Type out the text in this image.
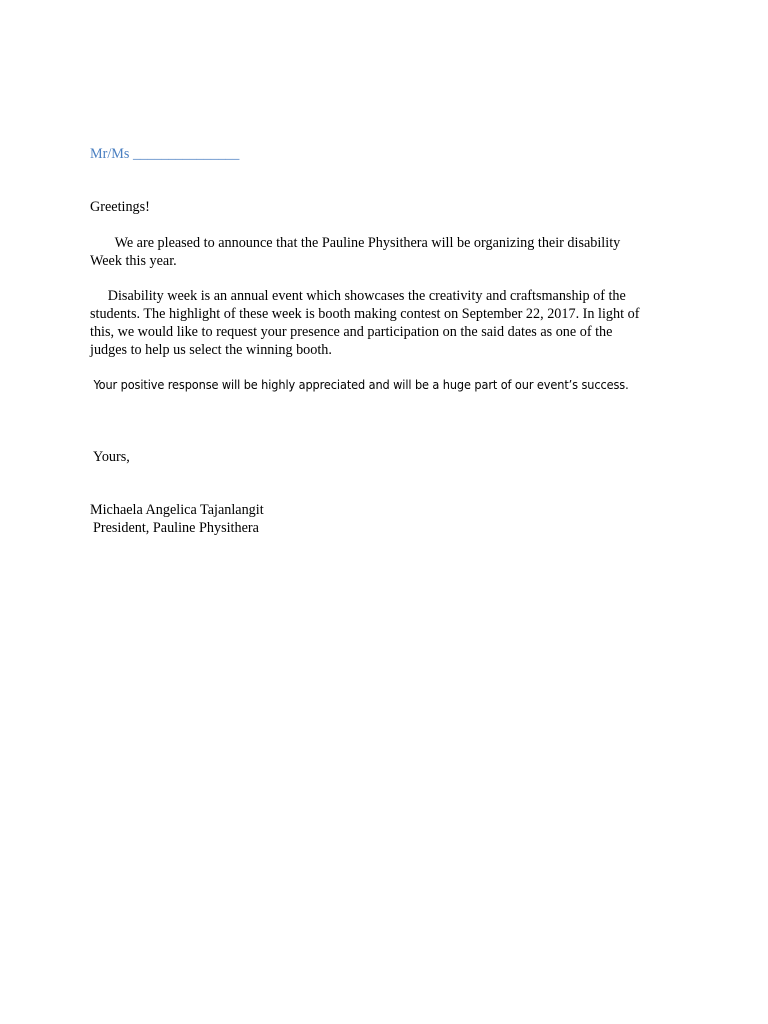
Mr/Ms _______________

Greetings!

We are pleased to announce that the Pauline Physithera will be organizing their disability
Week this year.
Disability week is an annual event which showcases the creativity and craftsmanship of the
students. The highlight of these week is booth making contest on September 22, 2017. In light of
this, we would like to request your presence and participation on the said dates as one of the
judges to help us select the winning booth.
Your positive response will be highly appreciated and will be a huge part of our event’s success.

Yours,

Michaela Angelica Tajanlangit

President, Pauline Physithera
